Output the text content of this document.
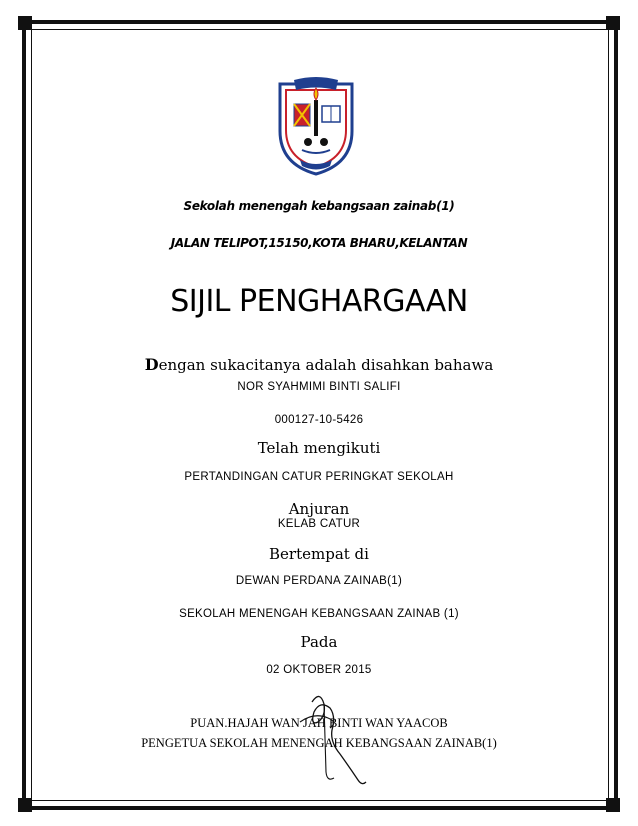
Sekolah menengah kebangsaan zainab(1)
JALAN TELIPOT,15150,KOTA BHARU,KELANTAN
SIJIL PENGHARGAAN
Dengan sukacitanya adalah disahkan bahawa
NOR SYAHMIMI BINTI SALIFI
000127-10-5426
Telah mengikuti
PERTANDINGAN CATUR PERINGKAT SEKOLAH
Anjuran
KELAB CATUR
Bertempat di
DEWAN PERDANA ZAINAB(1)
SEKOLAH MENENGAH KEBANGSAAN ZAINAB (1)
Pada
02 OKTOBER 2015
PUAN.HAJAH WAN JAH BINTI WAN YAACOB
PENGETUA SEKOLAH MENENGAH KEBANGSAAN ZAINAB(1)
